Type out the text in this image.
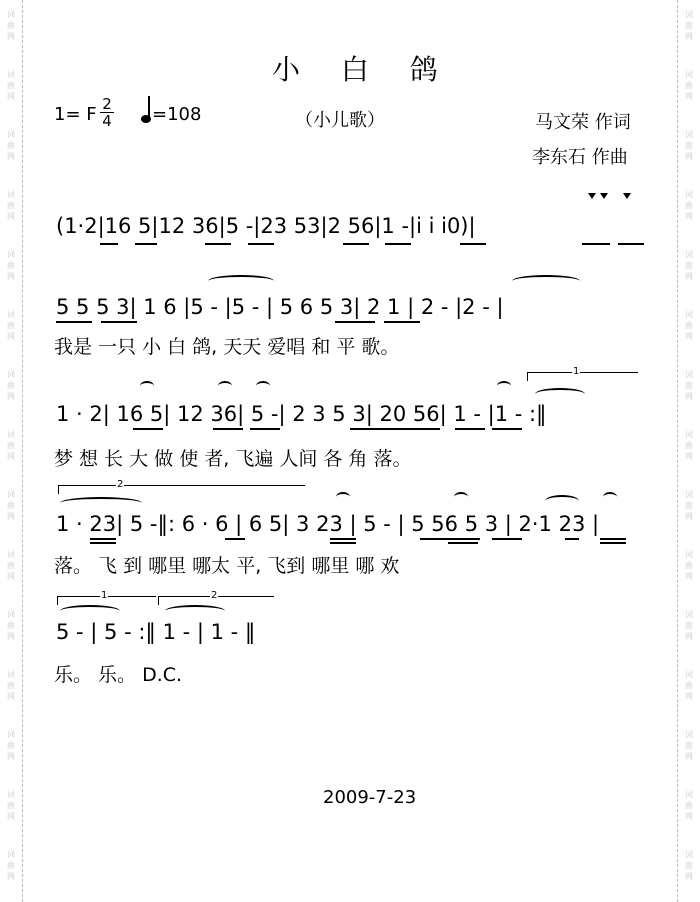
词
曲
网
词
曲
网
词
曲
网
词
曲
网
词
曲
网
词
曲
网
词
曲
网
词
曲
网
词
曲
网
词
曲
网
词
曲
网
词
曲
网
词
曲
网
词
曲
网
词
曲
网
词
曲
网
词
曲
网
词
曲
网
词
曲
网
词
曲
网
词
曲
网
词
曲
网
词
曲
网
词
曲
网
词
曲
网
词
曲
网
词
曲
网
词
曲
网
词
曲
网
词
曲
网
小 白 鸽
1= F 2
4 =108	（小儿歌）	马文荣 作词
李东石 作曲
(1·2|16 5|12 36|5 -|23 53|2 56|1 -|i i i0)|
5 5 5 3| 1 6 |5 - |5 - | 5 6 5 3| 2 1 | 2 - |2 - |
我是 一只 小 白 鸽, 天天 爱唱 和 平 歌。
1
1 · 2| 16 5| 12 36| 5 -| 2 3 5 3| 20 56| 1 - |1 - :‖
梦 想 长 大 做 使 者, 飞遍 人间 各 角 落。
2
1 · 23| 5 -‖: 6 · 6 | 6 5| 3 23 | 5 - | 5 56 5 3 | 2·1 23 |
落。 飞 到 哪里 哪太 平, 飞到 哪里 哪 欢
1	2
5 - | 5 - :‖ 1 - | 1 - ‖
乐。 乐。 D.C.
2009-7-23
